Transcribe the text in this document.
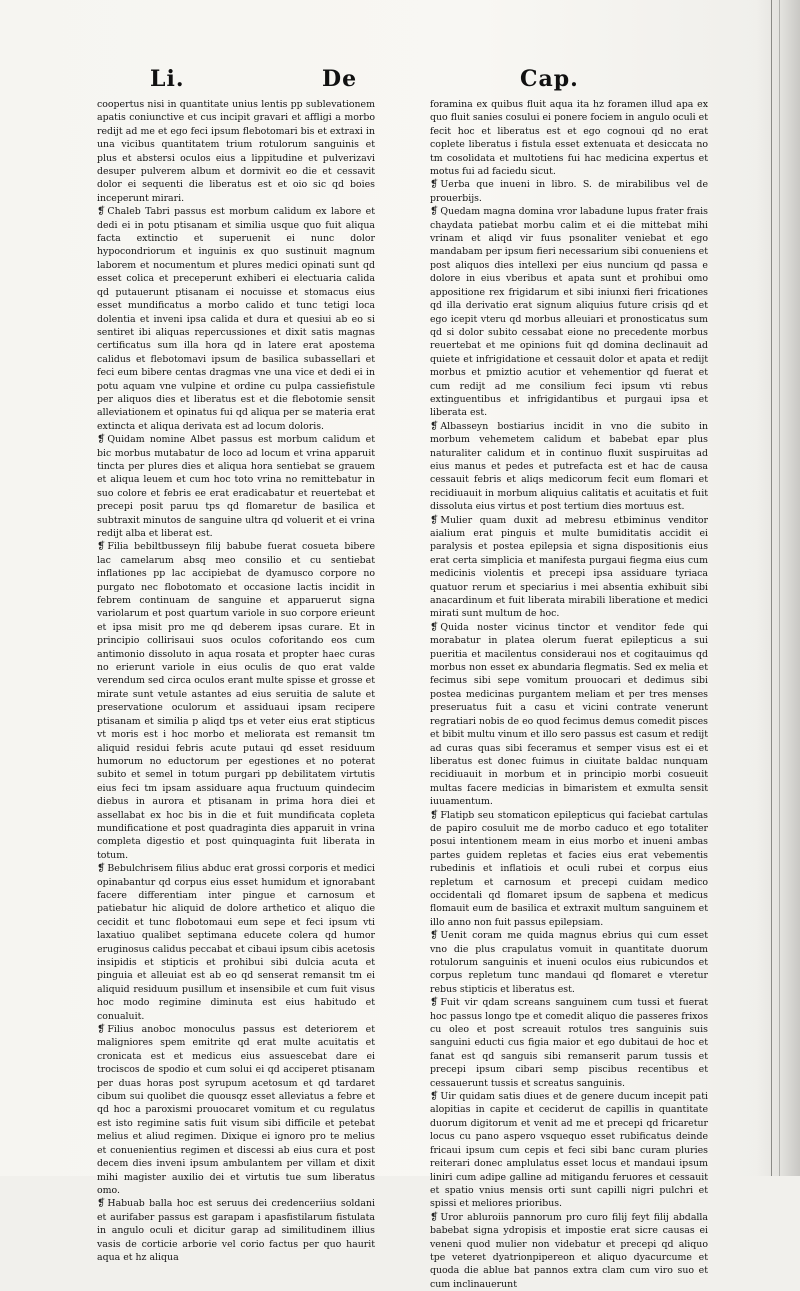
Li.	De	Cap.

coopertus nisi in quantitate unius lentis pp sublevationem apatis coniunctive et cus incipit gravari et affligi a morbo redijt ad me et ego feci ipsum flebotomari bis et extraxi in una vicibus quantitatem trium rotulorum sanguinis et plus et abstersi oculos eius a lippitudine et pulverizavi desuper pulverem album et dormivit eo die et cessavit dolor ei sequenti die liberatus est et oio sic qd boies inceperunt mirari.

❡ Chaleb Tabri passus est morbum calidum ex labore et dedi ei in potu ptisanam et similia usque quo fuit aliqua facta extinctio et superuenit ei nunc dolor hypocondriorum et inguinis ex quo sustinuit magnum laborem et nocumentum et plures medici opinati sunt qd esset colica et preceperunt exhiberi ei electuaria calida qd putauerunt ptisanam ei nocuisse et stomacus eius esset mundificatus a morbo calido et tunc tetigi loca dolentia et inveni ipsa calida et dura et quesiui ab eo si sentiret ibi aliquas repercussiones et dixit satis magnas certificatus sum illa hora qd in latere erat apostema calidus et flebotomavi ipsum de basilica subassellari et feci eum bibere centas dragmas vne una vice et dedi ei in potu aquam vne vulpine et ordine cu pulpa cassiefistule per aliquos dies et liberatus est et die flebotomie sensit alleviationem et opinatus fui qd aliqua per se materia erat extincta et aliqua derivata est ad locum doloris.

❡ Quidam nomine Albet passus est morbum calidum et bic morbus mutabatur de loco ad locum et vrina apparuit tincta per plures dies et aliqua hora sentiebat se grauem et aliqua leuem et cum hoc toto vrina no remittebatur in suo colore et febris ee erat eradicabatur et reuertebat et precepi posit paruu tps qd flomaretur de basilica et subtraxit minutos de sanguine ultra qd voluerit et ei vrina redijt alba et liberat est.

❡ Filia bebiltbusseyn filij babube fuerat cosueta bibere lac camelarum absq meo consilio et cu sentiebat inflationes pp lac accipiebat de dyamusco corpore no purgato nec flobotomato et occasione lactis incidit in febrem continuam de sanguine et apparuerut signa variolarum et post quartum variole in suo corpore erieunt et ipsa misit pro me qd deberem ipsas curare. Et in principio collirisaui suos oculos coforitando eos cum antimonio dissoluto in aqua rosata et propter haec curas no erierunt variole in eius oculis de quo erat valde verendum sed circa oculos erant multe spisse et grosse et mirate sunt vetule astantes ad eius seruitia de salute et preservatione oculorum et assiduaui ipsam recipere ptisanam et similia p aliqd tps et veter eius erat stipticus vt moris est i hoc morbo et meliorata est remansit tm aliquid residui febris acute putaui qd esset residuum humorum no eductorum per egestiones et no poterat subito et semel in totum purgari pp debilitatem virtutis eius feci tm ipsam assiduare aqua fructuum quindecim diebus in aurora et ptisanam in prima hora diei et assellabat ex hoc bis in die et fuit mundificata copleta mundificatione et post quadraginta dies apparuit in vrina completa digestio et post quinquaginta fuit liberata in totum.

❡ Bebulchrisem filius abduc erat grossi corporis et medici opinabantur qd corpus eius esset humidum et ignorabant facere differentiam inter pingue et carnosum et patiebatur hic aliquid de dolore arthetico et aliquo die cecidit et tunc flobotomaui eum sepe et feci ipsum vti laxatiuo qualibet septimana educete colera qd humor eruginosus calidus peccabat et cibaui ipsum cibis acetosis insipidis et stipticis et prohibui sibi dulcia acuta et pinguia et alleuiat est ab eo qd senserat remansit tm ei aliquid residuum pusillum et insensibile et cum fuit visus hoc modo regimine diminuta est eius habitudo et conualuit.

❡ Filius anoboc monoculus passus est deteriorem et maligniores spem emitrite qd erat multe acuitatis et cronicata est et medicus eius assuescebat dare ei trociscos de spodio et cum solui ei qd acciperet ptisanam per duas horas post syrupum acetosum et qd tardaret cibum sui quolibet die quousqz esset alleviatus a febre et qd hoc a paroxismi prouocaret vomitum et cu regulatus est isto regimine satis fuit visum sibi difficile et petebat melius et aliud regimen. Dixique ei ignoro pro te melius et conuenientius regimen et discessi ab eius cura et post decem dies inveni ipsum ambulantem per villam et dixit mihi magister auxilio dei et virtutis tue sum liberatus omo.

❡ Habuab balla hoc est seruus dei credenceriius soldani et aurifaber passus est garapam i apasfistilarum fistulata in angulo oculi et dicitur garap ad similitudinem illius vasis de corticie arborie vel corio factus per quo haurit aqua et hz aliqua

foramina ex quibus fluit aqua ita hz foramen illud apa ex quo fluit sanies cosului ei ponere fociem in angulo oculi et fecit hoc et liberatus est et ego cognoui qd no erat coplete liberatus i fistula esset extenuata et desiccata no tm cosolidata et multotiens fui hac medicina expertus et motus fui ad faciedu sicut.

❡ Uerba que inueni in libro. S. de mirabilibus vel de prouerbijs.

❡ Quedam magna domina vror labadune lupus frater frais chaydata patiebat morbu calim et ei die mittebat mihi vrinam et aliqd vir fuus psonaliter veniebat et ego mandabam per ipsum fieri necessarium sibi conueniens et post aliquos dies intellexi per eius nuncium qd passa e dolore in eius vberibus et apata sunt et prohibui omo appositione rex frigidarum et sibi iniunxi fieri fricationes qd illa derivatio erat signum aliquius future crisis qd et ego icepit vteru qd morbus alleuiari et pronosticatus sum qd si dolor subito cessabat eione no precedente morbus reuertebat et me opinions fuit qd domina declinauit ad quiete et infrigidatione et cessauit dolor et apata et redijt morbus et pmiztio acutior et vehementior qd fuerat et cum redijt ad me consilium feci ipsum vti rebus extinguentibus et infrigidantibus et purgaui ipsa et liberata est.

❡ Albasseyn bostiarius incidit in vno die subito in morbum vehemetem calidum et babebat epar plus naturaliter calidum et in continuo fluxit suspiruitas ad eius manus et pedes et putrefacta est et hac de causa cessauit febris et aliqs medicorum fecit eum flomari et recidiuauit in morbum aliquius calitatis et acuitatis et fuit dissoluta eius virtus et post tertium dies mortuus est.

❡ Mulier quam duxit ad mebresu etbiminus venditor aialium erat pinguis et multe bumiditatis accidit ei paralysis et postea epilepsia et signa dispositionis eius erat certa simplicia et manifesta purgaui fiegma eius cum medicinis violentis et precepi ipsa assiduare tyriaca quatuor rerum et speciarius i mei absentia exhibuit sibi anacardinum et fuit liberata mirabili liberatione et medici mirati sunt multum de hoc.

❡ Quida noster vicinus tinctor et venditor fede qui morabatur in platea olerum fuerat epilepticus a sui pueritia et macilentus consideraui nos et cogitauimus qd morbus non esset ex abundaria flegmatis. Sed ex melia et fecimus sibi sepe vomitum prouocari et dedimus sibi postea medicinas purgantem meliam et per tres menses preseruatus fuit a casu et vicini contrate venerunt regratiari nobis de eo quod fecimus demus comedit pisces et bibit multu vinum et illo sero passus est casum et redijt ad curas quas sibi feceramus et semper visus est ei et liberatus est donec fuimus in ciuitate baldac nunquam recidiuauit in morbum et in principio morbi cosueuit multas facere medicias in bimaristem et exmulta sensit iuuamentum.

❡ Flatipb seu stomaticon epilepticus qui faciebat cartulas de papiro cosuluit me de morbo caduco et ego totaliter posui intentionem meam in eius morbo et inueni ambas partes guidem repletas et facies eius erat vebementis rubedinis et inflatiois et oculi rubei et corpus eius repletum et carnosum et precepi cuidam medico occidentali qd flomaret ipsum de sapbena et medicus flomauit eum de basilica et extraxit multum sanguinem et illo anno non fuit passus epilepsiam.

❡ Uenit coram me quida magnus ebrius qui cum esset vno die plus crapulatus vomuit in quantitate duorum rotulorum sanguinis et inueni oculos eius rubicundos et corpus repletum tunc mandaui qd flomaret e vteretur rebus stipticis et liberatus est.

❡ Fuit vir qdam screans sanguinem cum tussi et fuerat hoc passus longo tpe et comedit aliquo die passeres frixos cu oleo et post screauit rotulos tres sanguinis suis sanguini educti cus figia maior et ego dubitaui de hoc et fanat est qd sanguis sibi remanserit parum tussis et precepi ipsum cibari semp piscibus recentibus et cessauerunt tussis et screatus sanguinis.

❡ Uir quidam satis diues et de genere ducum incepit pati alopitias in capite et ceciderut de capillis in quantitate duorum digitorum et venit ad me et precepi qd fricaretur locus cu pano aspero vsquequo esset rubificatus deinde fricaui ipsum cum cepis et feci sibi banc curam pluries reiterari donec amplulatus esset locus et mandaui ipsum liniri cum adipe galline ad mitigandu feruores et cessauit et spatio vnius mensis orti sunt capilli nigri pulchri et spissi et meliores prioribus.

❡ Uror abluroiis pannorum pro curo filij feyt filij abdalla babebat signa ydropisis et impostie erat sicre causas ei veneni quod mulier non videbatur et precepi qd aliquo tpe veteret dyatrionpipereon et aliquo dyacurcume et quoda die ablue bat pannos extra clam cum viro suo et cum inclinauerunt
